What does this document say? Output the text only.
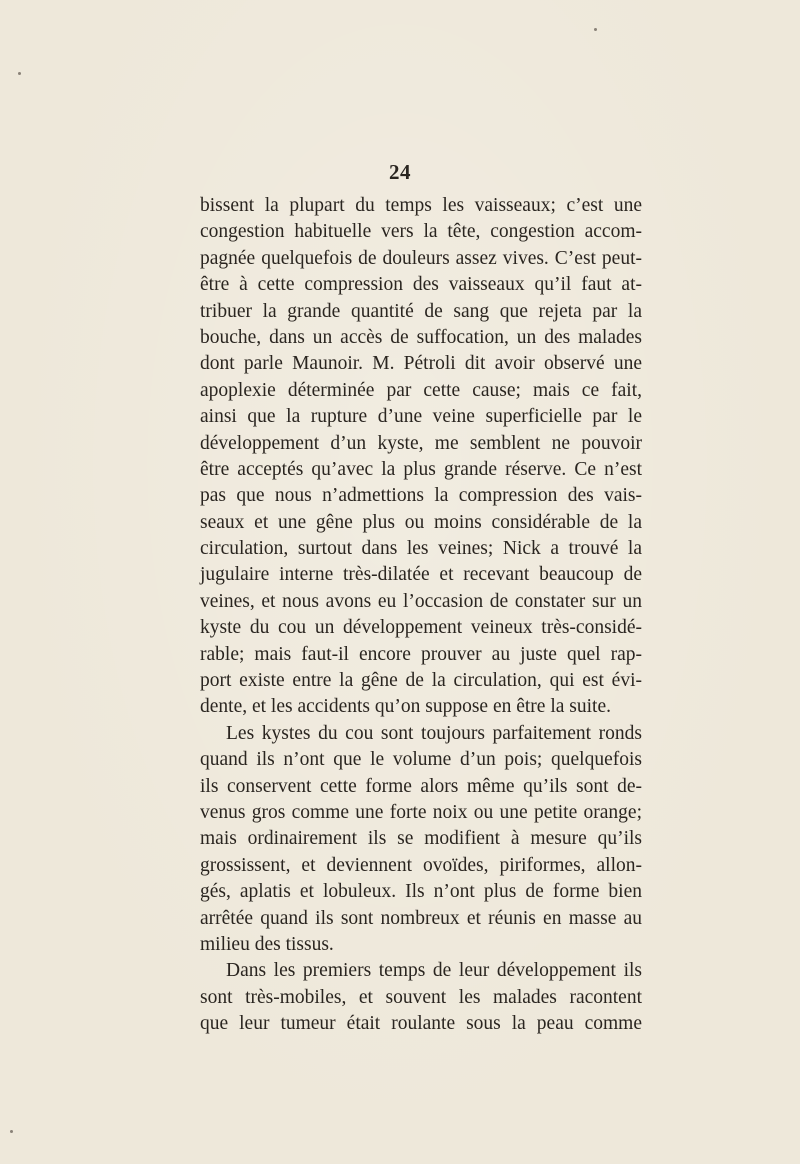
24
bissent la plupart du temps les vaisseaux; c’est une
congestion habituelle vers la tête, congestion accom-
pagnée quelquefois de douleurs assez vives. C’est peut-
être à cette compression des vaisseaux qu’il faut at-
tribuer la grande quantité de sang que rejeta par la
bouche, dans un accès de suffocation, un des malades
dont parle Maunoir. M. Pétroli dit avoir observé une
apoplexie déterminée par cette cause; mais ce fait,
ainsi que la rupture d’une veine superficielle par le
développement d’un kyste, me semblent ne pouvoir
être acceptés qu’avec la plus grande réserve. Ce n’est
pas que nous n’admettions la compression des vais-
seaux et une gêne plus ou moins considérable de la
circulation, surtout dans les veines; Nick a trouvé la
jugulaire interne très-dilatée et recevant beaucoup de
veines, et nous avons eu l’occasion de constater sur un
kyste du cou un développement veineux très-considé-
rable; mais faut-il encore prouver au juste quel rap-
port existe entre la gêne de la circulation, qui est évi-
dente, et les accidents qu’on suppose en être la suite.
Les kystes du cou sont toujours parfaitement ronds
quand ils n’ont que le volume d’un pois; quelquefois
ils conservent cette forme alors même qu’ils sont de-
venus gros comme une forte noix ou une petite orange;
mais ordinairement ils se modifient à mesure qu’ils
grossissent, et deviennent ovoïdes, piriformes, allon-
gés, aplatis et lobuleux. Ils n’ont plus de forme bien
arrêtée quand ils sont nombreux et réunis en masse au
milieu des tissus.
Dans les premiers temps de leur développement ils
sont très-mobiles, et souvent les malades racontent
que leur tumeur était roulante sous la peau comme
